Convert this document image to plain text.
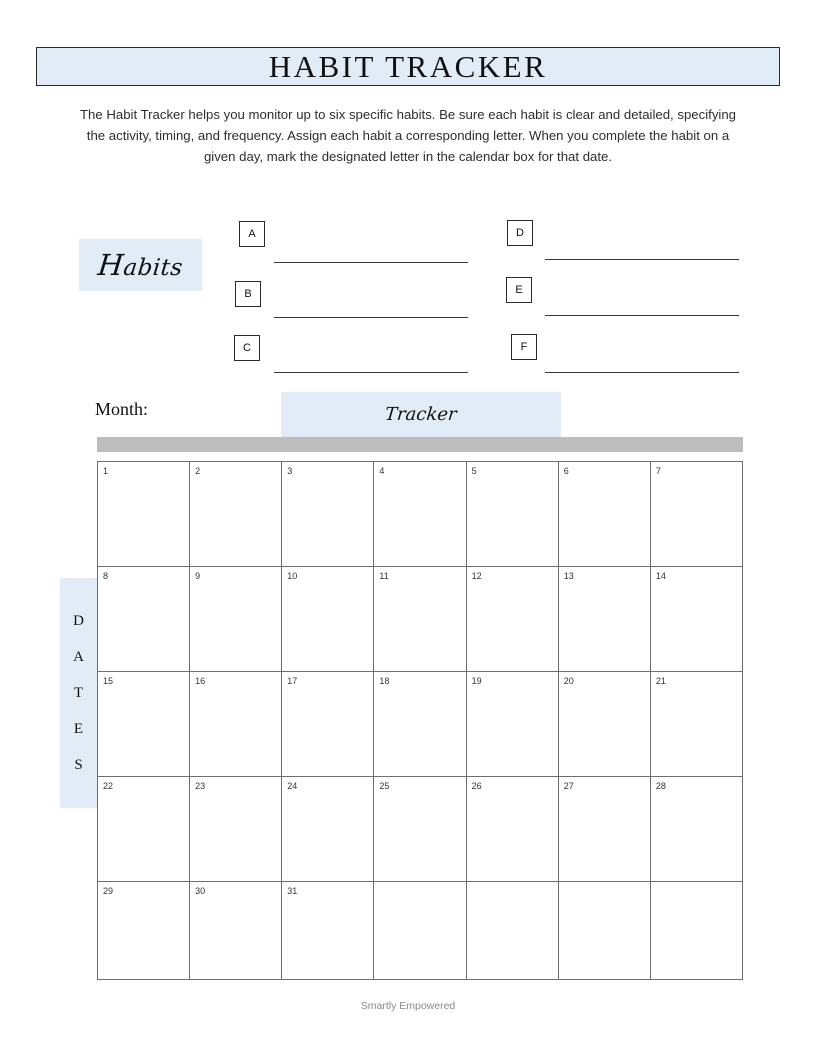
HABIT TRACKER
The Habit Tracker helps you monitor up to six specific habits. Be sure each habit is clear and detailed, specifying the activity, timing, and frequency. Assign each habit a corresponding letter. When you complete the habit on a given day, mark the designated letter in the calendar box for that date.
Habits
A
B
C
D
E
F
Month:	Tracker
D
A
T
E
S
1	2	3	4	5	6	7
8	9	10	11	12	13	14
15	16	17	18	19	20	21
22	23	24	25	26	27	28
29	30	31				
Smartly Empowered
